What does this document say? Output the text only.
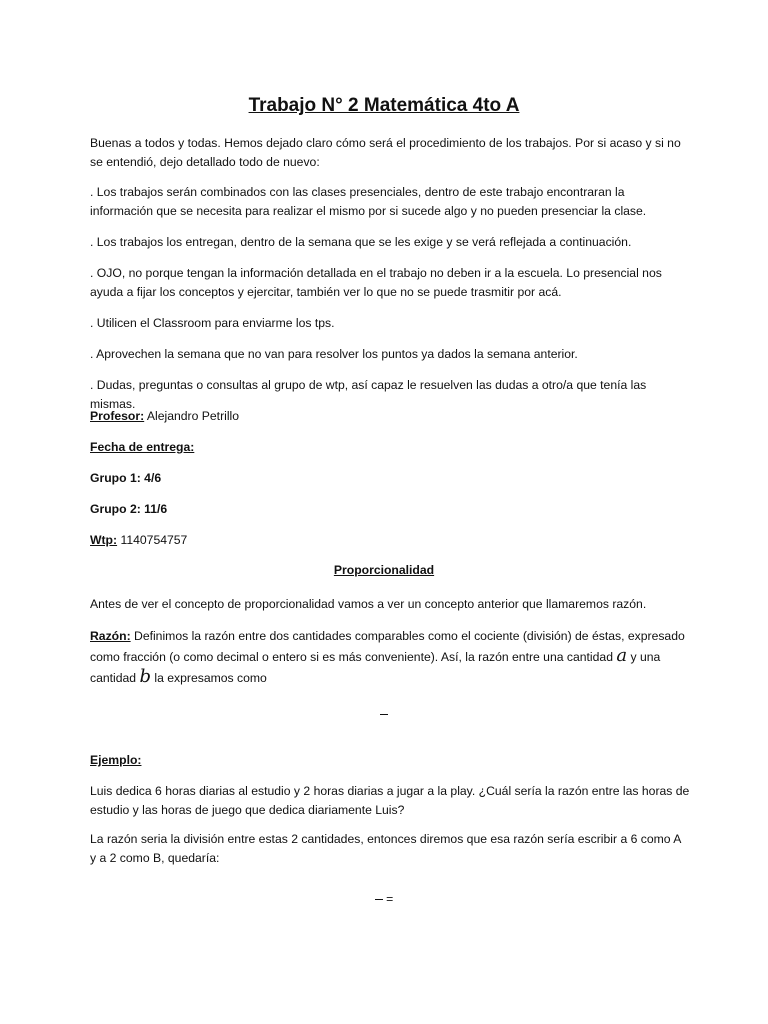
Trabajo N° 2 Matemática 4to A

Buenas a todos y todas. Hemos dejado claro cómo será el procedimiento de los trabajos. Por si acaso y si no se entendió, dejo detallado todo de nuevo:

. Los trabajos serán combinados con las clases presenciales, dentro de este trabajo encontraran la información que se necesita para realizar el mismo por si sucede algo y no pueden presenciar la clase.

. Los trabajos los entregan, dentro de la semana que se les exige y se verá reflejada a continuación.

. OJO, no porque tengan la información detallada en el trabajo no deben ir a la escuela. Lo presencial nos ayuda a fijar los conceptos y ejercitar, también ver lo que no se puede trasmitir por acá.

. Utilicen el Classroom para enviarme los tps.

. Aprovechen la semana que no van para resolver los puntos ya dados la semana anterior.

. Dudas, preguntas o consultas al grupo de wtp, así capaz le resuelven las dudas a otro/a que tenía las mismas.

Profesor: Alejandro Petrillo

Fecha de entrega:

Grupo 1: 4/6

Grupo 2: 11/6

Wtp: 1140754757

Proporcionalidad

Antes de ver el concepto de proporcionalidad vamos a ver un concepto anterior que llamaremos razón.

Razón: Definimos la razón entre dos cantidades comparables como el cociente (división) de éstas, expresado como fracción (o como decimal o entero si es más conveniente). Así, la razón entre una cantidad a y una cantidad b la expresamos como

Ejemplo:

Luis dedica 6 horas diarias al estudio y 2 horas diarias a jugar a la play. ¿Cuál sería la razón entre las horas de estudio y las horas de juego que dedica diariamente Luis?

La razón seria la división entre estas 2 cantidades, entonces diremos que esa razón sería escribir a 6 como A y a 2 como B, quedaría:

=
